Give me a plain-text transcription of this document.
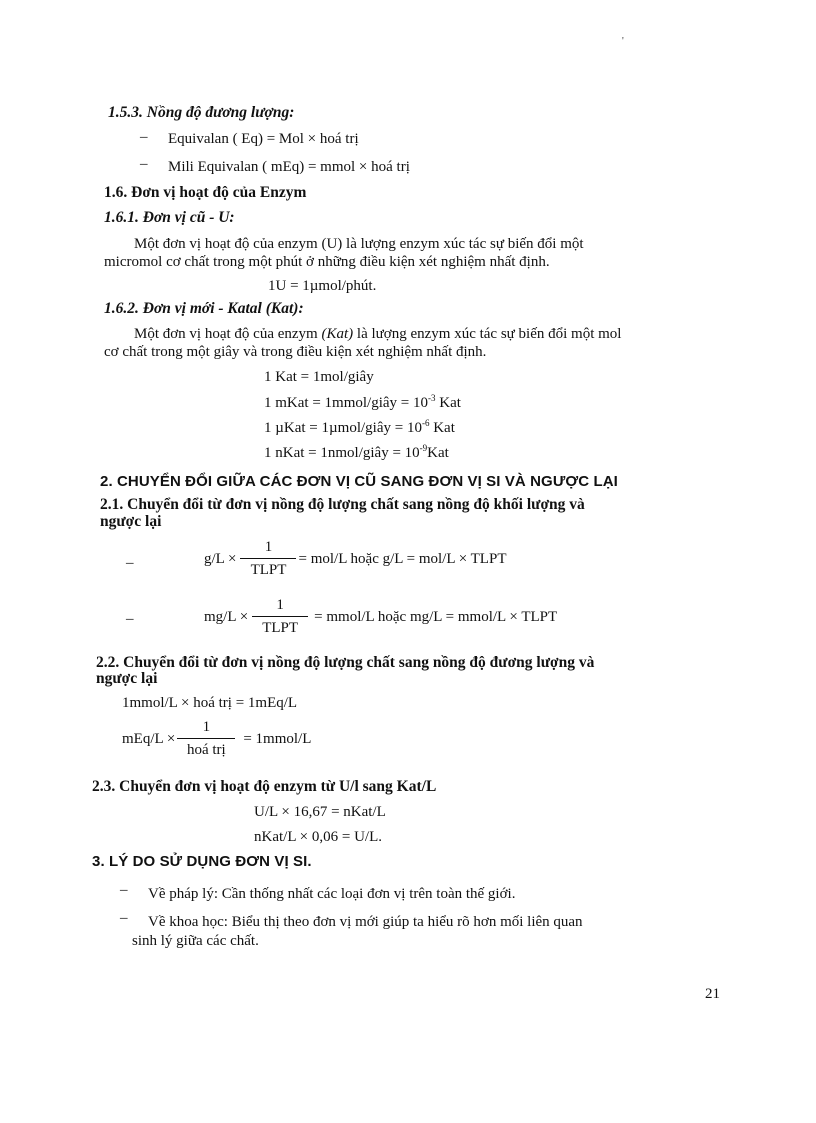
'
1.5.3. Nồng độ đương lượng:
– Equivalan ( Eq) = Mol × hoá trị
– Mili Equivalan ( mEq) = mmol × hoá trị
1.6. Đơn vị hoạt độ của Enzym
1.6.1. Đơn vị cũ - U:
Một đơn vị hoạt độ của enzym (U) là lượng enzym xúc tác sự biến đổi một
micromol cơ chất trong một phút ở những điều kiện xét nghiệm nhất định.
1U = 1µmol/phút.
1.6.2. Đơn vị mới - Katal (Kat):
Một đơn vị hoạt độ của enzym (Kat) là lượng enzym xúc tác sự biến đổi một mol
cơ chất trong một giây và trong điều kiện xét nghiệm nhất định.
1 Kat = 1mol/giây
1 mKat = 1mmol/giây = $10^{-3}$ Kat
1 µKat = 1µmol/giây = $10^{-6}$ Kat
1 nKat = 1nmol/giây = $10^{-9}Kat$
2. CHUYỂN ĐỔI GIỮA CÁC ĐƠN VỊ CŨ SANG ĐƠN VỊ SI VÀ NGƯỢC LẠI
2.1. Chuyển đổi từ đơn vị nồng độ lượng chất sang nồng độ khối lượng và
ngược lại
–	$g/L \times \frac{1}{\text{TLPT}} = mol/L$ hoặc g/L = mol/L × TLPT
–	$mg/L \times \frac{1}{\text{TLPT}}$ = mmol/L hoặc mg/L = mmol/L × TLPT
2.2. Chuyển đổi từ đơn vị nồng độ lượng chất sang nồng độ đương lượng và
ngược lại
1mmol/L × hoá trị = 1mEq/L
$mEq/L \times \frac{1}{\text{hoá trị}}$ = 1mmol/L
2.3. Chuyển đơn vị hoạt độ enzym từ U/l sang Kat/L
U/L × 16,67 = nKat/L
nKat/L × 0,06 = U/L.
3. LÝ DO SỬ DỤNG ĐƠN VỊ SI.
– Về pháp lý: Cần thống nhất các loại đơn vị trên toàn thế giới.
– Về khoa học: Biểu thị theo đơn vị mới giúp ta hiểu rõ hơn mối liên quan
sinh lý giữa các chất.
21
